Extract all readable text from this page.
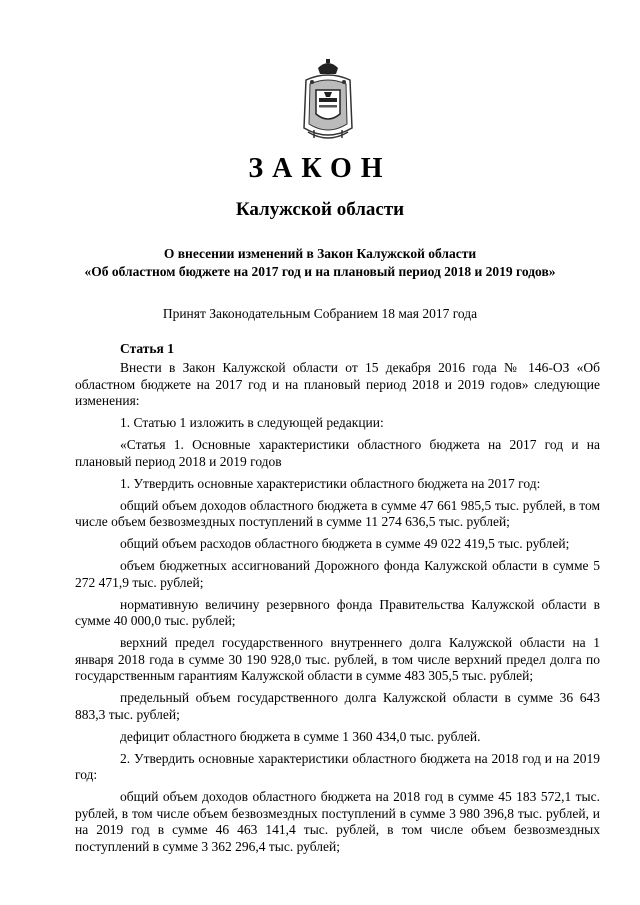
ЗАКОН
Калужской области
О внесении изменений в Закон Калужской области
«Об областном бюджете на 2017 год и на плановый период 2018 и 2019 годов»
Принят Законодательным Собранием 18 мая 2017 года
Статья 1

Внести в Закон Калужской области от 15 декабря 2016 года № 146-ОЗ «Об областном бюджете на 2017 год и на плановый период 2018 и 2019 годов» следующие изменения:

1. Статью 1 изложить в следующей редакции:

«Статья 1. Основные характеристики областного бюджета на 2017 год и на плановый период 2018 и 2019 годов

1. Утвердить основные характеристики областного бюджета на 2017 год:

общий объем доходов областного бюджета в сумме 47 661 985,5 тыс. рублей, в том числе объем безвозмездных поступлений в сумме 11 274 636,5 тыс. рублей;

общий объем расходов областного бюджета в сумме 49 022 419,5 тыс. рублей;

объем бюджетных ассигнований Дорожного фонда Калужской области в сумме 5 272 471,9 тыс. рублей;

нормативную величину резервного фонда Правительства Калужской области в сумме 40 000,0 тыс. рублей;

верхний предел государственного внутреннего долга Калужской области на 1 января 2018 года в сумме 30 190 928,0 тыс. рублей, в том числе верхний предел долга по государственным гарантиям Калужской области в сумме 483 305,5 тыс. рублей;

предельный объем государственного долга Калужской области в сумме 36 643 883,3 тыс. рублей;

дефицит областного бюджета в сумме 1 360 434,0 тыс. рублей.

2. Утвердить основные характеристики областного бюджета на 2018 год и на 2019 год:

общий объем доходов областного бюджета на 2018 год в сумме 45 183 572,1 тыс. рублей, в том числе объем безвозмездных поступлений в сумме 3 980 396,8 тыс. рублей, и на 2019 год в сумме 46 463 141,4 тыс. рублей, в том числе объем безвозмездных поступлений в сумме 3 362 296,4 тыс. рублей;
